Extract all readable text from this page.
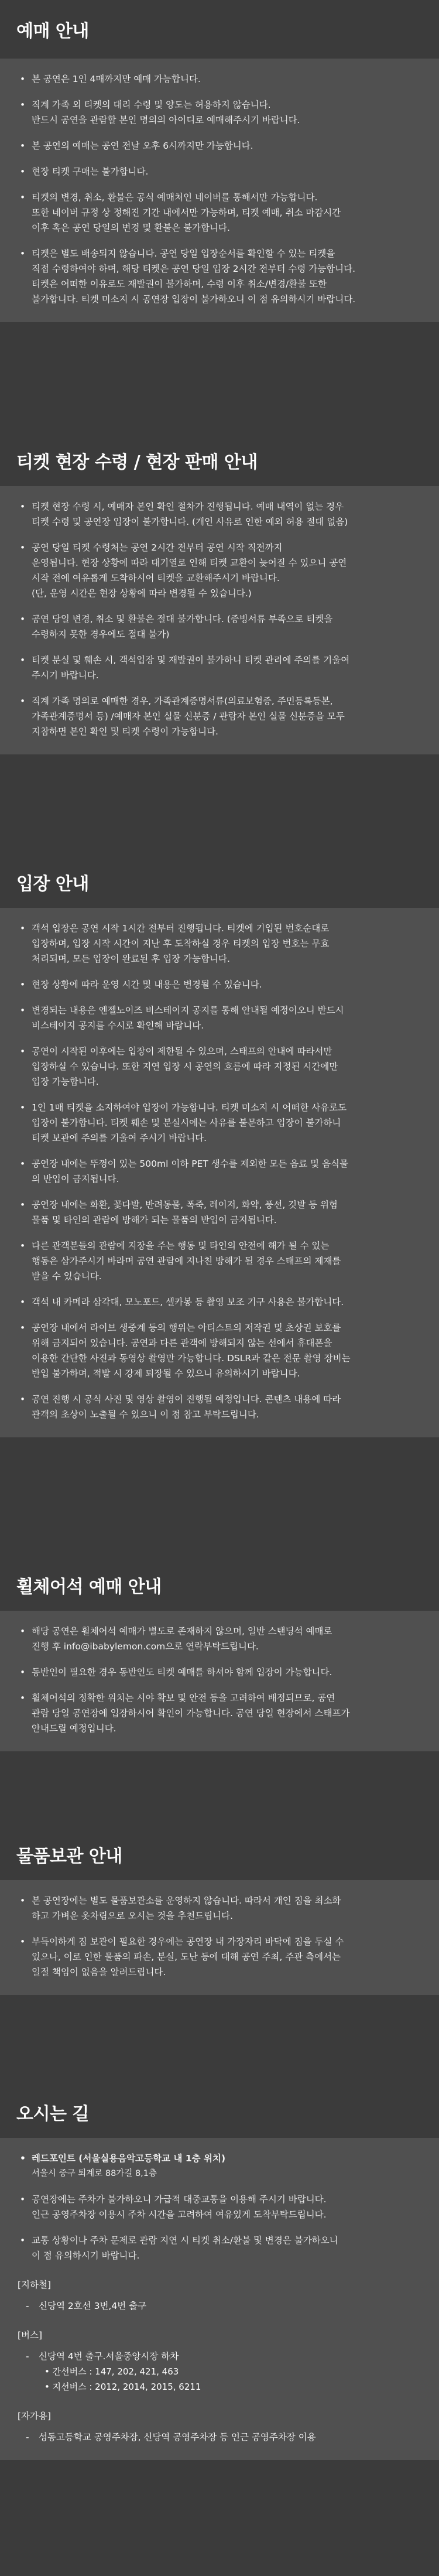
예매 안내
• 본 공연은 1인 4매까지만 예매 가능합니다.
• 직계 가족 외 티켓의 대리 수령 및 양도는 허용하지 않습니다.
반드시 공연을 관람할 본인 명의의 아이디로 예매해주시기 바랍니다.
• 본 공연의 예매는 공연 전날 오후 6시까지만 가능합니다.
• 현장 티켓 구매는 불가합니다.
• 티켓의 변경, 취소, 환불은 공식 예매처인 네이버를 통해서만 가능합니다.
또한 네이버 규정 상 정해진 기간 내에서만 가능하며, 티켓 예매, 취소 마감시간
이후 혹은 공연 당일의 변경 및 환불은 불가합니다.
• 티켓은 별도 배송되지 않습니다. 공연 당일 입장순서를 확인할 수 있는 티켓을
직접 수령하여야 하며, 해당 티켓은 공연 당일 입장 2시간 전부터 수령 가능합니다.
티켓은 어떠한 이유로도 재발권이 불가하며, 수령 이후 취소/변경/환불 또한
불가합니다. 티켓 미소지 시 공연장 입장이 불가하오니 이 점 유의하시기 바랍니다.
티켓 현장 수령 / 현장 판매 안내
• 티켓 현장 수령 시, 예매자 본인 확인 절차가 진행됩니다. 예매 내역이 없는 경우
티켓 수령 및 공연장 입장이 불가합니다. (개인 사유로 인한 예외 허용 절대 없음)
• 공연 당일 티켓 수령처는 공연 2시간 전부터 공연 시작 직전까지
운영됩니다. 현장 상황에 따라 대기열로 인해 티켓 교환이 늦어질 수 있으니 공연
시작 전에 여유롭게 도착하시어 티켓을 교환해주시기 바랍니다.
(단, 운영 시간은 현장 상황에 따라 변경될 수 있습니다.)
• 공연 당일 변경, 취소 및 환불은 절대 불가합니다. (증빙서류 부족으로 티켓을
수령하지 못한 경우에도 절대 불가)
• 티켓 분실 및 훼손 시, 객석입장 및 재발권이 불가하니 티켓 관리에 주의를 기울여
주시기 바랍니다.
• 직계 가족 명의로 예매한 경우, 가족관계증명서류(의료보험증, 주민등록등본,
가족관계증명서 등) /예매자 본인 실물 신분증 / 관람자 본인 실물 신분증을 모두
지참하면 본인 확인 및 티켓 수령이 가능합니다.
입장 안내
• 객석 입장은 공연 시작 1시간 전부터 진행됩니다. 티켓에 기입된 번호순대로
입장하며, 입장 시작 시간이 지난 후 도착하실 경우 티켓의 입장 번호는 무효
처리되며, 모든 입장이 완료된 후 입장 가능합니다.
• 현장 상황에 따라 운영 시간 및 내용은 변경될 수 있습니다.
• 변경되는 내용은 엔젤노이즈 비스테이지 공지를 통해 안내될 예정이오니 반드시
비스테이지 공지를 수시로 확인해 바랍니다.
• 공연이 시작된 이후에는 입장이 제한될 수 있으며, 스태프의 안내에 따라서만
입장하실 수 있습니다. 또한 지연 입장 시 공연의 흐름에 따라 지정된 시간에만
입장 가능합니다.
• 1인 1매 티켓을 소지하여야 입장이 가능합니다. 티켓 미소지 시 어떠한 사유로도
입장이 불가합니다. 티켓 훼손 및 분실시에는 사유를 불문하고 입장이 불가하니
티켓 보관에 주의를 기울여 주시기 바랍니다.
• 공연장 내에는 뚜껑이 있는 500ml 이하 PET 생수를 제외한 모든 음료 및 음식물
의 반입이 금지됩니다.
• 공연장 내에는 화환, 꽃다발, 반려동물, 폭죽, 레이저, 화약, 풍선, 깃발 등 위험
물품 및 타인의 관람에 방해가 되는 물품의 반입이 금지됩니다.
• 다른 관객분들의 관람에 지장을 주는 행동 및 타인의 안전에 해가 될 수 있는
행동은 삼가주시기 바라며 공연 관람에 지나친 방해가 될 경우 스태프의 제재를
받을 수 있습니다.
• 객석 내 카메라 삼각대, 모노포드, 셀카봉 등 촬영 보조 기구 사용은 불가합니다.
• 공연장 내에서 라이브 생중계 등의 행위는 아티스트의 저작권 및 초상권 보호를
위해 금지되어 있습니다. 공연과 다른 관객에 방해되지 않는 선에서 휴대폰을
이용한 간단한 사진과 동영상 촬영만 가능합니다. DSLR과 같은 전문 촬영 장비는
반입 불가하며, 적발 시 강제 퇴장될 수 있으니 유의하시기 바랍니다.
• 공연 진행 시 공식 사진 및 영상 촬영이 진행될 예정입니다. 콘텐츠 내용에 따라
관객의 초상이 노출될 수 있으니 이 점 참고 부탁드립니다.
휠체어석 예매 안내
• 해당 공연은 휠체어석 예매가 별도로 존재하지 않으며, 일반 스탠딩석 예매로
진행 후 info@ibabylemon.com으로 연락부탁드립니다.
• 동반인이 필요한 경우 동반인도 티켓 예매를 하셔야 함께 입장이 가능합니다.
• 휠체어석의 정확한 위치는 시야 확보 및 안전 등을 고려하여 배정되므로, 공연
관람 당일 공연장에 입장하시어 확인이 가능합니다. 공연 당일 현장에서 스태프가
안내드릴 예정입니다.
물품보관 안내
• 본 공연장에는 별도 물품보관소를 운영하지 않습니다. 따라서 개인 짐을 최소화
하고 가벼운 옷차림으로 오시는 것을 추천드립니다.
• 부득이하게 짐 보관이 필요한 경우에는 공연장 내 가장자리 바닥에 짐을 두실 수
있으나, 이로 인한 물품의 파손, 분실, 도난 등에 대해 공연 주최, 주관 측에서는
일절 책임이 없음을 알려드립니다.
오시는 길
• 레드포인트 (서울실용음악고등학교 내 1층 위치)
서울시 중구 퇴계로 88가길 8,1층
• 공연장에는 주차가 불가하오니 가급적 대중교통을 이용해 주시기 바랍니다.
인근 공영주차장 이용시 주차 시간을 고려하여 여유있게 도착부탁드립니다.
• 교통 상황이나 주차 문제로 관람 지연 시 티켓 취소/환불 및 변경은 불가하오니
이 점 유의하시기 바랍니다.
[지하철]
- 신당역 2호선 3번,4번 출구
[버스]
- 신당역 4번 출구.서울중앙시장 하차
• 간선버스 : 147, 202, 421, 463
• 지선버스 : 2012, 2014, 2015, 6211
[자가용]
- 성동고등학교 공영주차장, 신당역 공영주차장 등 인근 공영주차장 이용
